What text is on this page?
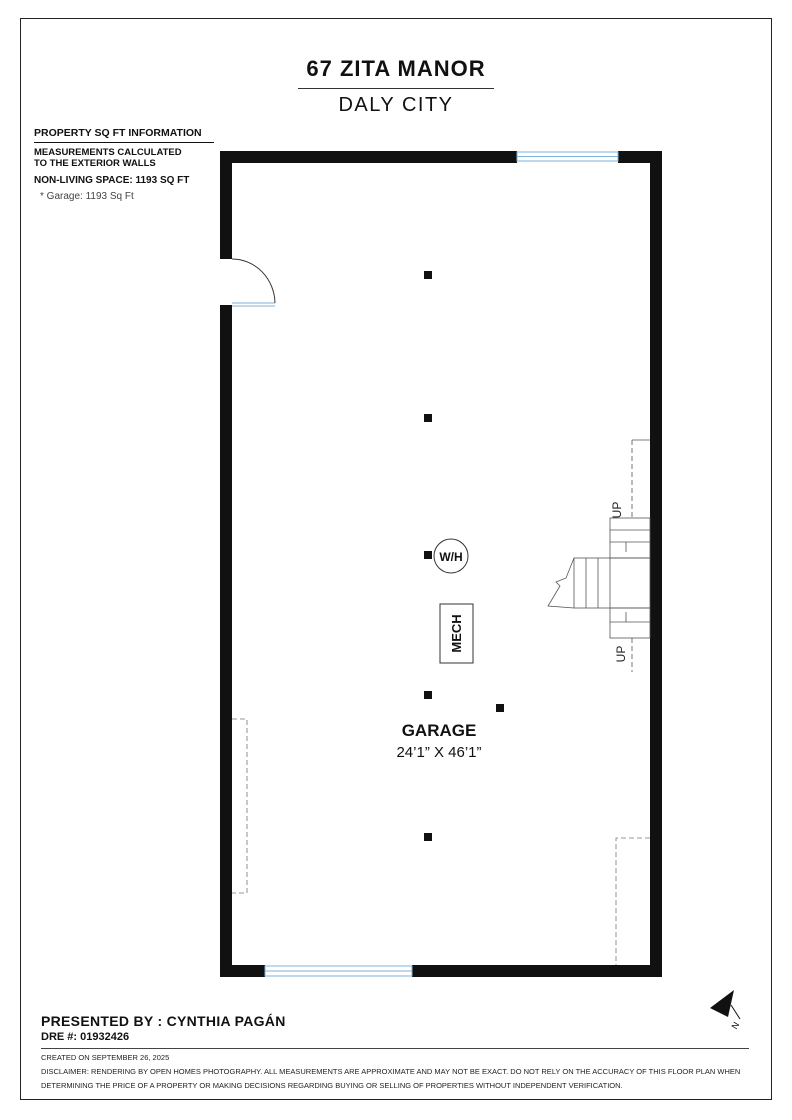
67 ZITA MANOR
DALY CITY
PROPERTY SQ FT INFORMATION
MEASUREMENTS CALCULATED
TO THE EXTERIOR WALLS
NON-LIVING SPACE: 1193 SQ FT
* Garage: 1193 Sq Ft
W/H
MECH
UP
UP
GARAGE
24’1” X 46’1”
N
PRESENTED BY : CYNTHIA PAGÁN
DRE #: 01932426
CREATED ON SEPTEMBER 26, 2025
DISCLAIMER: RENDERING BY OPEN HOMES PHOTOGRAPHY. ALL MEASUREMENTS ARE APPROXIMATE AND MAY NOT BE EXACT. DO NOT RELY ON THE ACCURACY OF THIS FLOOR PLAN WHEN DETERMINING THE PRICE OF A PROPERTY OR MAKING DECISIONS REGARDING BUYING OR SELLING OF PROPERTIES WITHOUT INDEPENDENT VERIFICATION.
